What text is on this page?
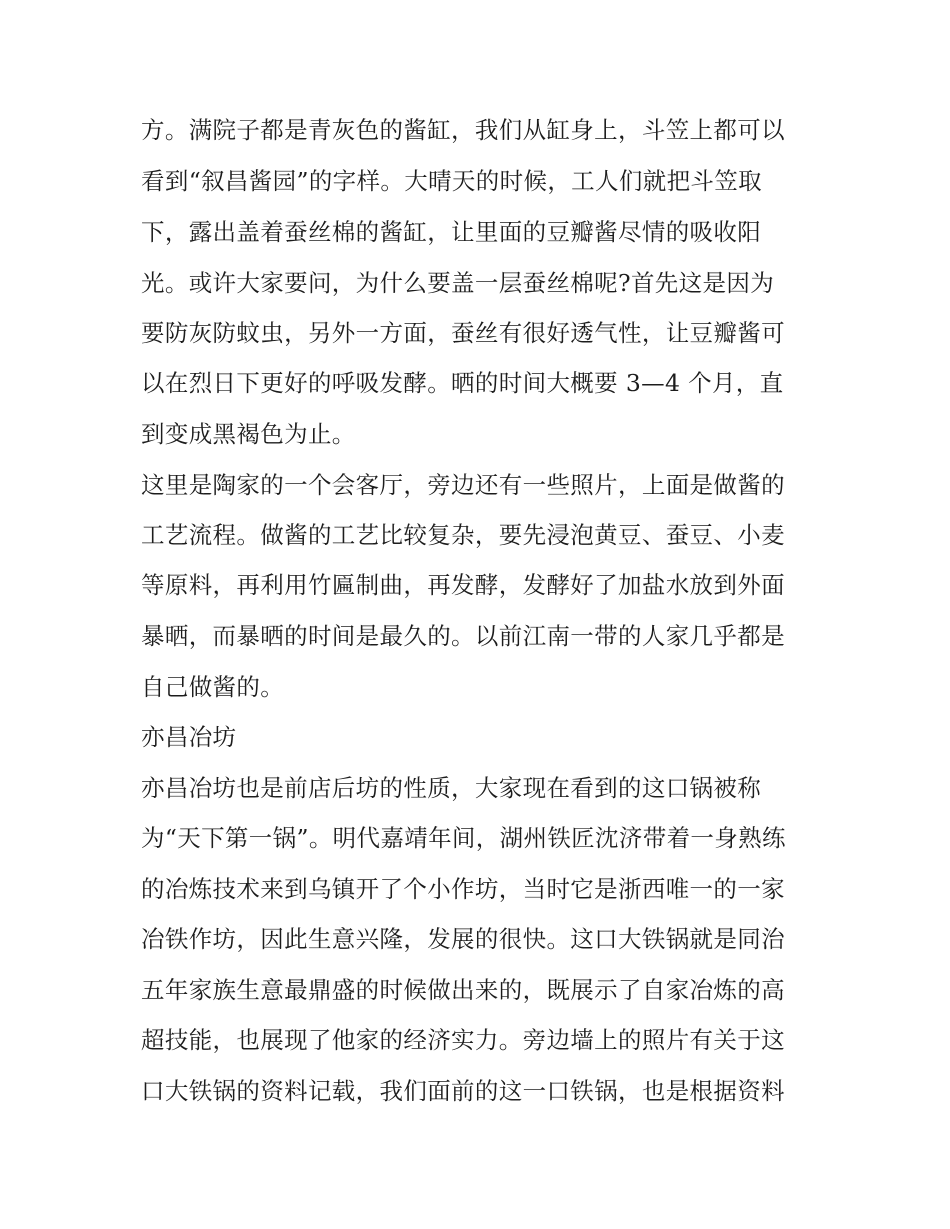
方。满院子都是青灰色的酱缸，我们从缸身上，斗笠上都可以
看到“叙昌酱园”的字样。大晴天的时候，工人们就把斗笠取
下，露出盖着蚕丝棉的酱缸，让里面的豆瓣酱尽情的吸收阳
光。或许大家要问，为什么要盖一层蚕丝棉呢?首先这是因为
要防灰防蚊虫，另外一方面，蚕丝有很好透气性，让豆瓣酱可
以在烈日下更好的呼吸发酵。晒的时间大概要 3—4 个月，直
到变成黑褐色为止。
这里是陶家的一个会客厅，旁边还有一些照片，上面是做酱的
工艺流程。做酱的工艺比较复杂，要先浸泡黄豆、蚕豆、小麦
等原料，再利用竹匾制曲，再发酵，发酵好了加盐水放到外面
暴晒，而暴晒的时间是最久的。以前江南一带的人家几乎都是
自己做酱的。
亦昌冶坊
亦昌冶坊也是前店后坊的性质，大家现在看到的这口锅被称
为“天下第一锅”。明代嘉靖年间，湖州铁匠沈济带着一身熟练
的冶炼技术来到乌镇开了个小作坊，当时它是浙西唯一的一家
冶铁作坊，因此生意兴隆，发展的很快。这口大铁锅就是同治
五年家族生意最鼎盛的时候做出来的，既展示了自家冶炼的高
超技能，也展现了他家的经济实力。旁边墙上的照片有关于这
口大铁锅的资料记载，我们面前的这一口铁锅，也是根据资料
